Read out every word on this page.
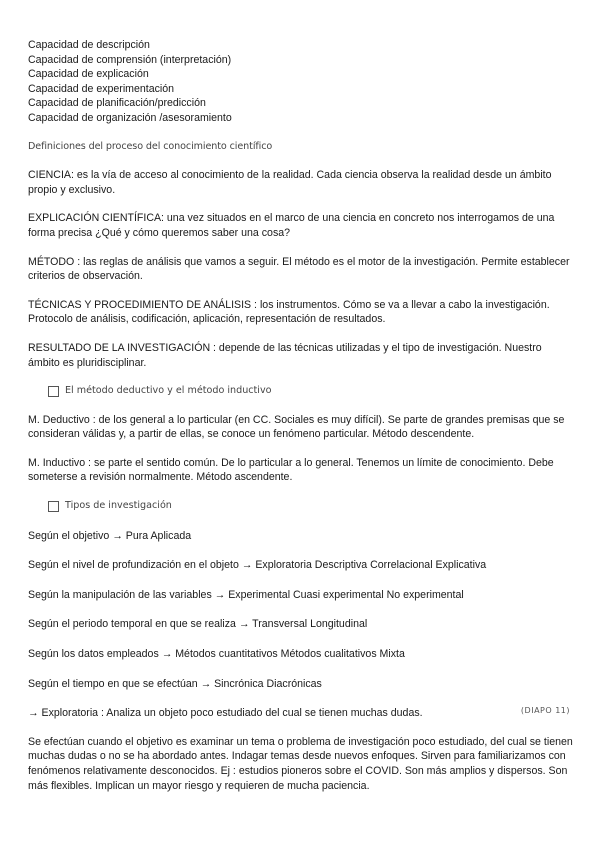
Capacidad de descripción
Capacidad de comprensión (interpretación)
Capacidad de explicación
Capacidad de experimentación
Capacidad de planificación/predicción
Capacidad de organización /asesoramiento
Definiciones del proceso del conocimiento científico
CIENCIA: es la vía de acceso al conocimiento de la realidad. Cada ciencia observa la realidad desde un ámbito propio y exclusivo.
EXPLICACIÓN CIENTÍFICA: una vez situados en el marco de una ciencia en concreto nos interrogamos de una forma precisa ¿Qué y cómo queremos saber una cosa?
MÉTODO : las reglas de análisis que vamos a seguir. El método es el motor de la investigación. Permite establecer criterios de observación.
TÉCNICAS Y PROCEDIMIENTO DE ANÁLISIS : los instrumentos. Cómo se va a llevar a cabo la investigación. Protocolo de análisis, codificación, aplicación, representación de resultados.
RESULTADO DE LA INVESTIGACIÓN : depende de las técnicas utilizadas y el tipo de investigación. Nuestro ámbito es pluridisciplinar.
El método deductivo y el método inductivo
M. Deductivo : de los general a lo particular (en CC. Sociales es muy difícil). Se parte de grandes premisas que se consideran válidas y, a partir de ellas, se conoce un fenómeno particular. Método descendente.
M. Inductivo : se parte el sentido común. De lo particular a lo general. Tenemos un límite de conocimiento. Debe someterse a revisión normalmente. Método ascendente.
Tipos de investigación
Según el objetivo → Pura Aplicada
Según el nivel de profundización en el objeto → Exploratoria Descriptiva Correlacional Explicativa
Según la manipulación de las variables → Experimental Cuasi experimental No experimental
Según el periodo temporal en que se realiza → Transversal Longitudinal
Según los datos empleados → Métodos cuantitativos Métodos cualitativos Mixta
Según el tiempo en que se efectúan → Sincrónica Diacrónicas
→ Exploratoria : Analiza un objeto poco estudiado del cual se tienen muchas dudas.
Se efectúan cuando el objetivo es examinar un tema o problema de investigación poco estudiado, del cual se tienen muchas dudas o no se ha abordado antes. Indagar temas desde nuevos enfoques. Sirven para familiarizamos con fenómenos relativamente desconocidos. Ej : estudios pioneros sobre el COVID. Son más amplios y dispersos. Son más flexibles. Implican un mayor riesgo y requieren de mucha paciencia.
(DIAPO 11)
